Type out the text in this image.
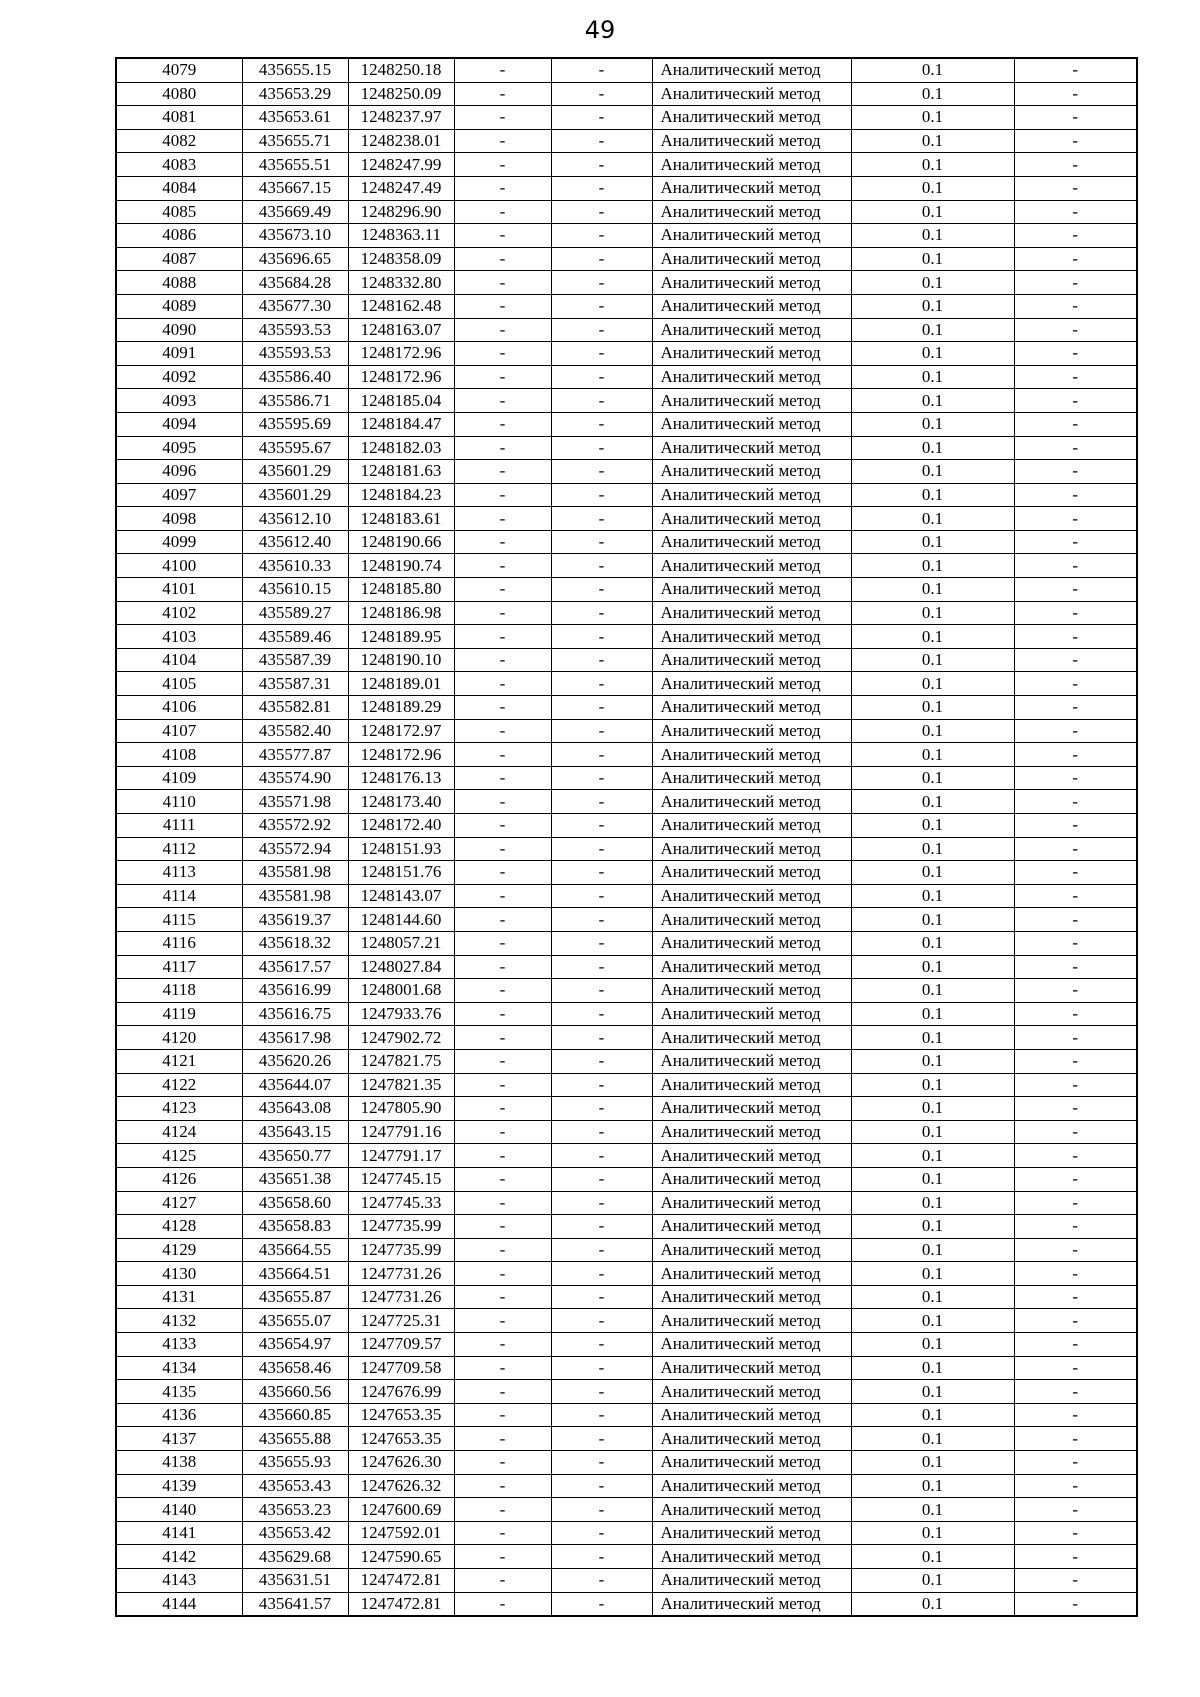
49
4079	435655.15	1248250.18	-	-	Аналитический метод	0.1	-
4080	435653.29	1248250.09	-	-	Аналитический метод	0.1	-
4081	435653.61	1248237.97	-	-	Аналитический метод	0.1	-
4082	435655.71	1248238.01	-	-	Аналитический метод	0.1	-
4083	435655.51	1248247.99	-	-	Аналитический метод	0.1	-
4084	435667.15	1248247.49	-	-	Аналитический метод	0.1	-
4085	435669.49	1248296.90	-	-	Аналитический метод	0.1	-
4086	435673.10	1248363.11	-	-	Аналитический метод	0.1	-
4087	435696.65	1248358.09	-	-	Аналитический метод	0.1	-
4088	435684.28	1248332.80	-	-	Аналитический метод	0.1	-
4089	435677.30	1248162.48	-	-	Аналитический метод	0.1	-
4090	435593.53	1248163.07	-	-	Аналитический метод	0.1	-
4091	435593.53	1248172.96	-	-	Аналитический метод	0.1	-
4092	435586.40	1248172.96	-	-	Аналитический метод	0.1	-
4093	435586.71	1248185.04	-	-	Аналитический метод	0.1	-
4094	435595.69	1248184.47	-	-	Аналитический метод	0.1	-
4095	435595.67	1248182.03	-	-	Аналитический метод	0.1	-
4096	435601.29	1248181.63	-	-	Аналитический метод	0.1	-
4097	435601.29	1248184.23	-	-	Аналитический метод	0.1	-
4098	435612.10	1248183.61	-	-	Аналитический метод	0.1	-
4099	435612.40	1248190.66	-	-	Аналитический метод	0.1	-
4100	435610.33	1248190.74	-	-	Аналитический метод	0.1	-
4101	435610.15	1248185.80	-	-	Аналитический метод	0.1	-
4102	435589.27	1248186.98	-	-	Аналитический метод	0.1	-
4103	435589.46	1248189.95	-	-	Аналитический метод	0.1	-
4104	435587.39	1248190.10	-	-	Аналитический метод	0.1	-
4105	435587.31	1248189.01	-	-	Аналитический метод	0.1	-
4106	435582.81	1248189.29	-	-	Аналитический метод	0.1	-
4107	435582.40	1248172.97	-	-	Аналитический метод	0.1	-
4108	435577.87	1248172.96	-	-	Аналитический метод	0.1	-
4109	435574.90	1248176.13	-	-	Аналитический метод	0.1	-
4110	435571.98	1248173.40	-	-	Аналитический метод	0.1	-
4111	435572.92	1248172.40	-	-	Аналитический метод	0.1	-
4112	435572.94	1248151.93	-	-	Аналитический метод	0.1	-
4113	435581.98	1248151.76	-	-	Аналитический метод	0.1	-
4114	435581.98	1248143.07	-	-	Аналитический метод	0.1	-
4115	435619.37	1248144.60	-	-	Аналитический метод	0.1	-
4116	435618.32	1248057.21	-	-	Аналитический метод	0.1	-
4117	435617.57	1248027.84	-	-	Аналитический метод	0.1	-
4118	435616.99	1248001.68	-	-	Аналитический метод	0.1	-
4119	435616.75	1247933.76	-	-	Аналитический метод	0.1	-
4120	435617.98	1247902.72	-	-	Аналитический метод	0.1	-
4121	435620.26	1247821.75	-	-	Аналитический метод	0.1	-
4122	435644.07	1247821.35	-	-	Аналитический метод	0.1	-
4123	435643.08	1247805.90	-	-	Аналитический метод	0.1	-
4124	435643.15	1247791.16	-	-	Аналитический метод	0.1	-
4125	435650.77	1247791.17	-	-	Аналитический метод	0.1	-
4126	435651.38	1247745.15	-	-	Аналитический метод	0.1	-
4127	435658.60	1247745.33	-	-	Аналитический метод	0.1	-
4128	435658.83	1247735.99	-	-	Аналитический метод	0.1	-
4129	435664.55	1247735.99	-	-	Аналитический метод	0.1	-
4130	435664.51	1247731.26	-	-	Аналитический метод	0.1	-
4131	435655.87	1247731.26	-	-	Аналитический метод	0.1	-
4132	435655.07	1247725.31	-	-	Аналитический метод	0.1	-
4133	435654.97	1247709.57	-	-	Аналитический метод	0.1	-
4134	435658.46	1247709.58	-	-	Аналитический метод	0.1	-
4135	435660.56	1247676.99	-	-	Аналитический метод	0.1	-
4136	435660.85	1247653.35	-	-	Аналитический метод	0.1	-
4137	435655.88	1247653.35	-	-	Аналитический метод	0.1	-
4138	435655.93	1247626.30	-	-	Аналитический метод	0.1	-
4139	435653.43	1247626.32	-	-	Аналитический метод	0.1	-
4140	435653.23	1247600.69	-	-	Аналитический метод	0.1	-
4141	435653.42	1247592.01	-	-	Аналитический метод	0.1	-
4142	435629.68	1247590.65	-	-	Аналитический метод	0.1	-
4143	435631.51	1247472.81	-	-	Аналитический метод	0.1	-
4144	435641.57	1247472.81	-	-	Аналитический метод	0.1	-
